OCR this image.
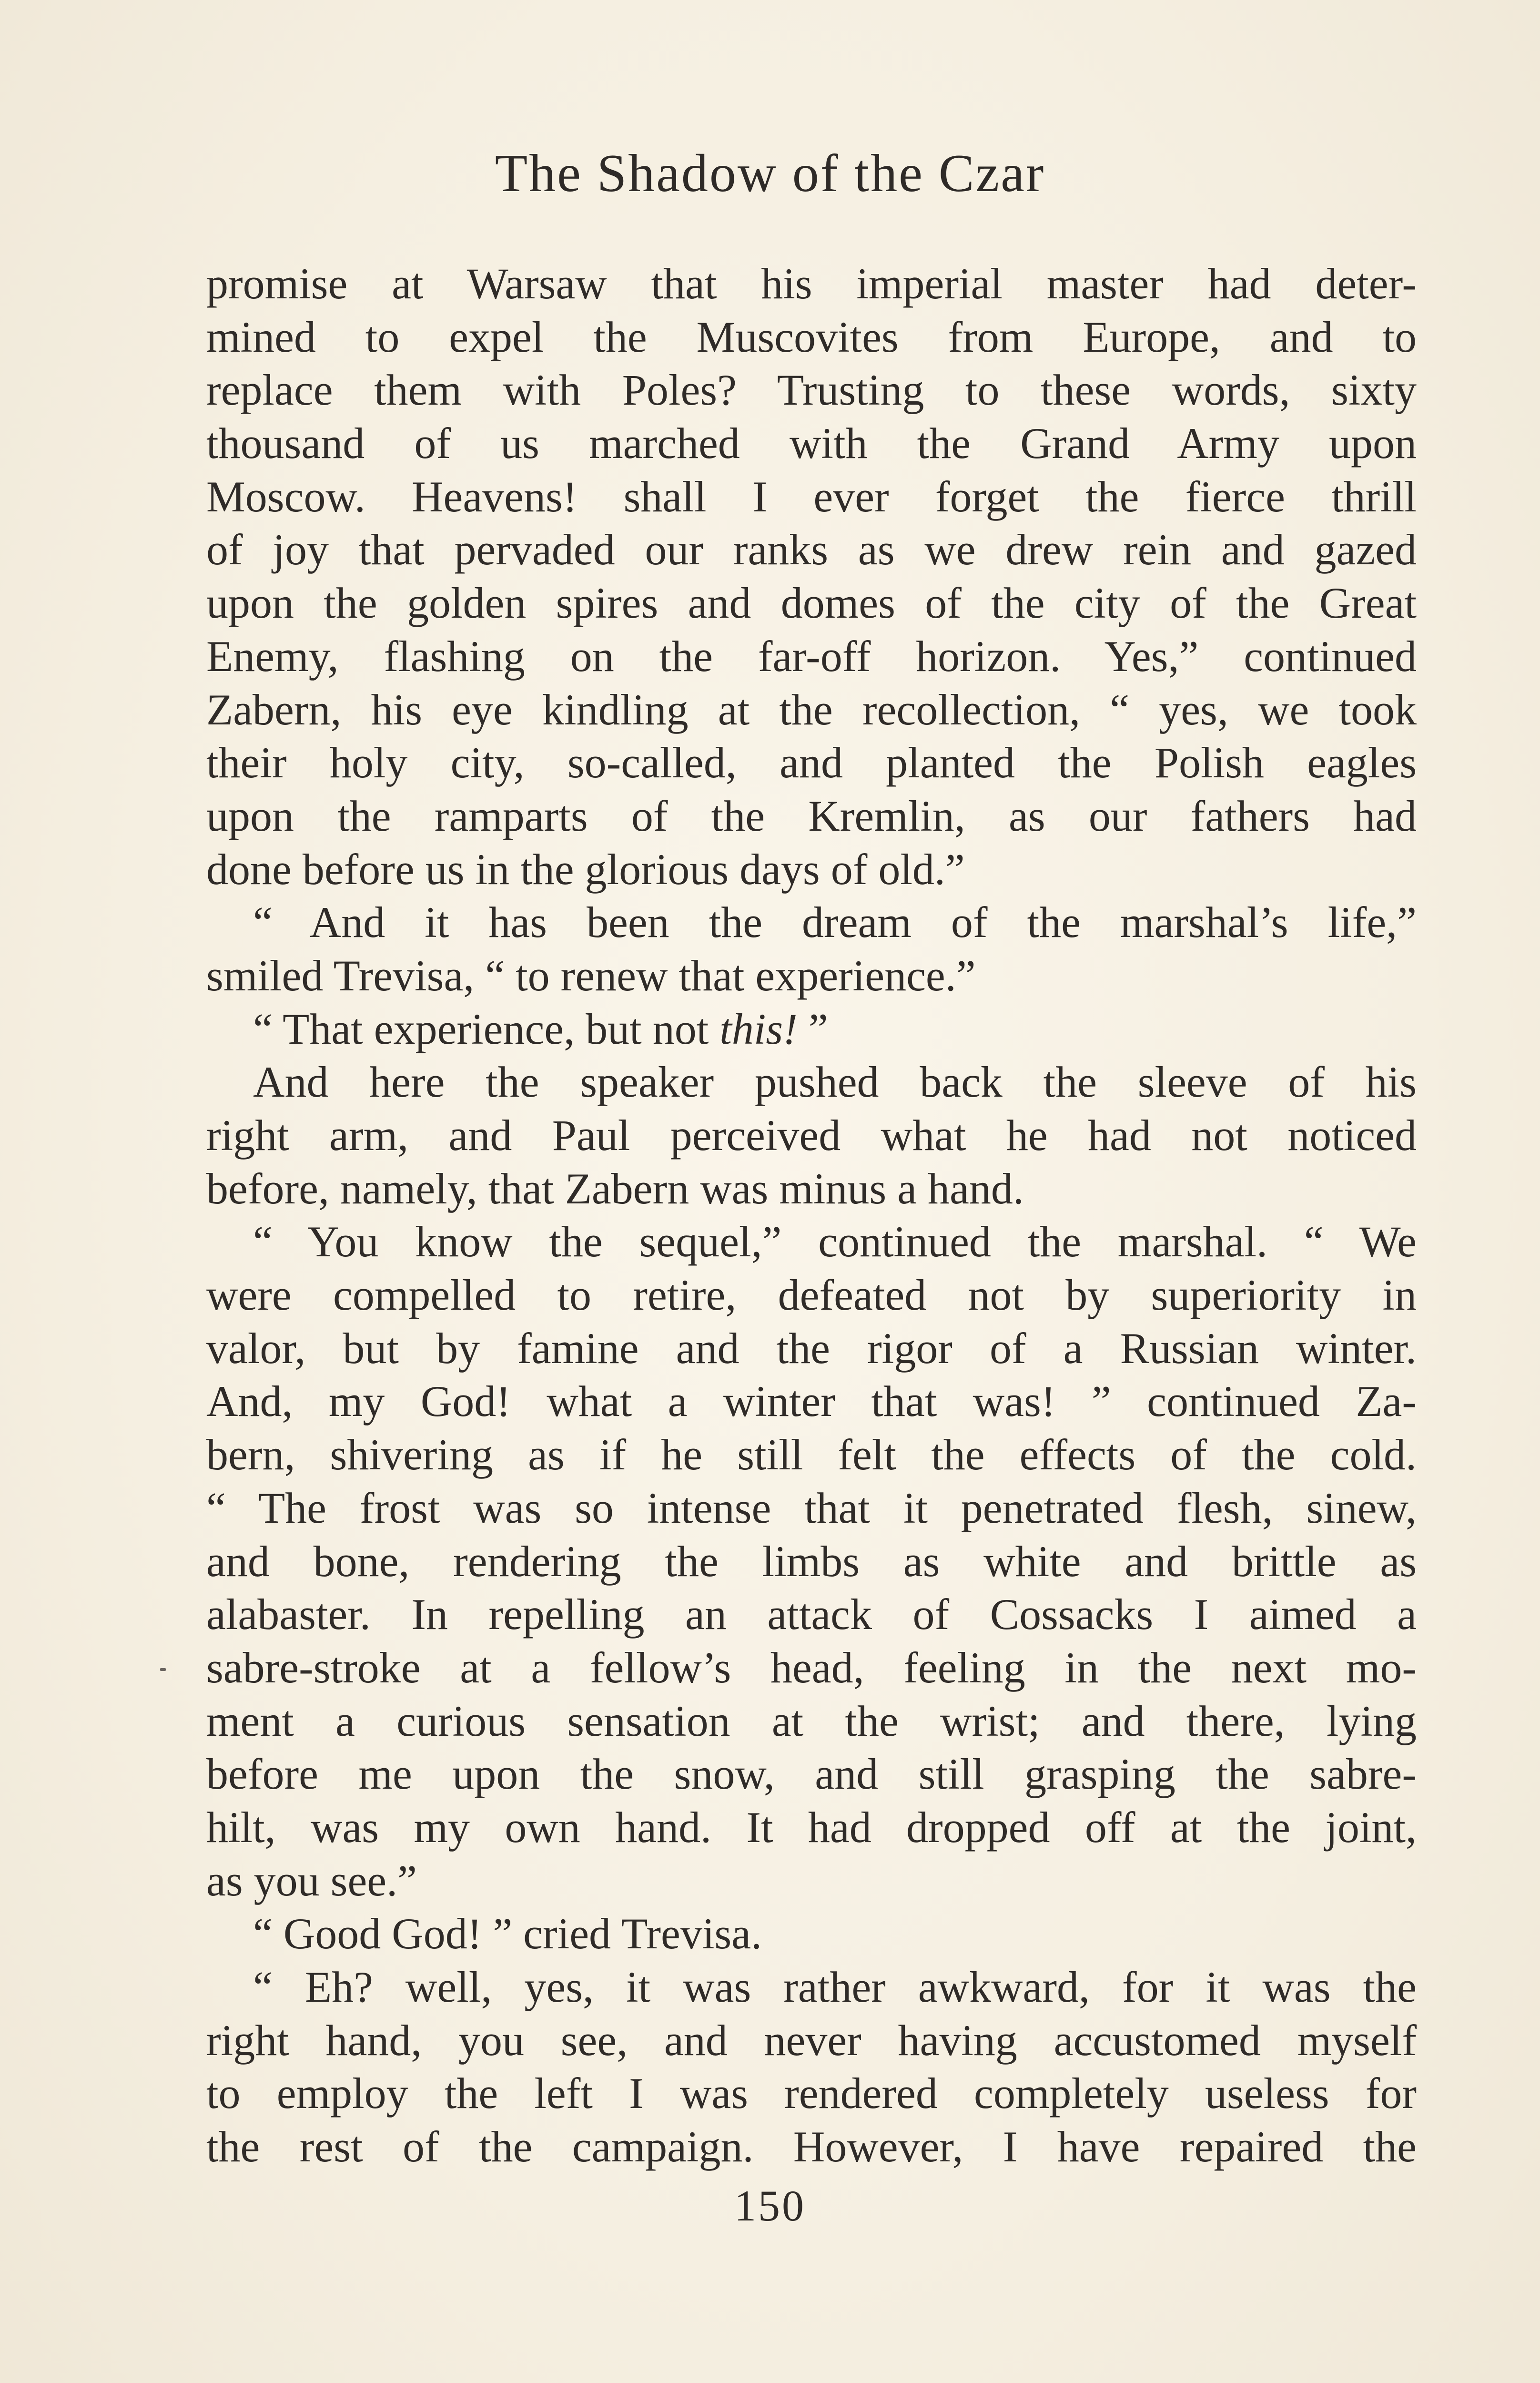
The Shadow of the Czar
promise at Warsaw that his imperial master had deter-
mined to expel the Muscovites from Europe, and to
replace them with Poles? Trusting to these words, sixty
thousand of us marched with the Grand Army upon
Moscow. Heavens! shall I ever forget the fierce thrill
of joy that pervaded our ranks as we drew rein and gazed
upon the golden spires and domes of the city of the Great
Enemy, flashing on the far-off horizon. Yes,” continued
Zabern, his eye kindling at the recollection, “ yes, we took
their holy city, so-called, and planted the Polish eagles
upon the ramparts of the Kremlin, as our fathers had
done before us in the glorious days of old.”
“ And it has been the dream of the marshal’s life,”
smiled Trevisa, “ to renew that experience.”
“ That experience, but not this! ”
And here the speaker pushed back the sleeve of his
right arm, and Paul perceived what he had not noticed
before, namely, that Zabern was minus a hand.
“ You know the sequel,” continued the marshal. “ We
were compelled to retire, defeated not by superiority in
valor, but by famine and the rigor of a Russian winter.
And, my God! what a winter that was! ” continued Za-
bern, shivering as if he still felt the effects of the cold.
“ The frost was so intense that it penetrated flesh, sinew,
and bone, rendering the limbs as white and brittle as
alabaster. In repelling an attack of Cossacks I aimed a
sabre-stroke at a fellow’s head, feeling in the next mo-
ment a curious sensation at the wrist; and there, lying
before me upon the snow, and still grasping the sabre-
hilt, was my own hand. It had dropped off at the joint,
as you see.”
“ Good God! ” cried Trevisa.
“ Eh? well, yes, it was rather awkward, for it was the
right hand, you see, and never having accustomed myself
to employ the left I was rendered completely useless for
the rest of the campaign. However, I have repaired the
150
